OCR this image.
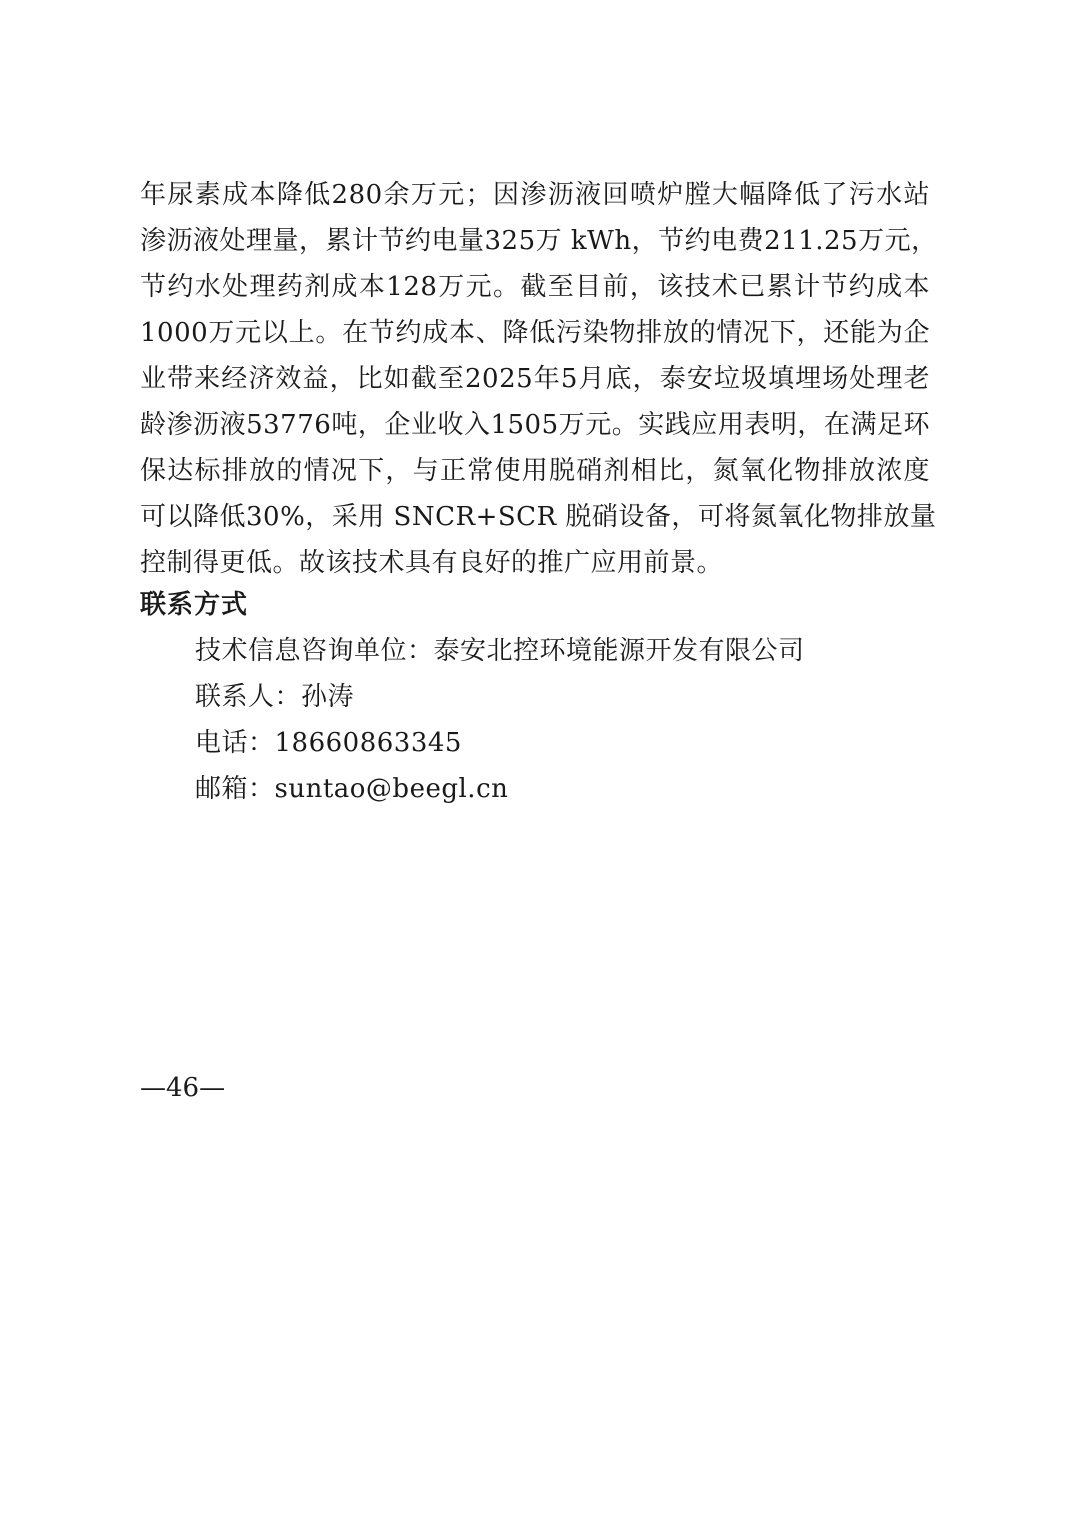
年尿素成本降低280余万元；因渗沥液回喷炉膛大幅降低了污水站
渗沥液处理量，累计节约电量325万 kWh，节约电费211.25万元，
节约水处理药剂成本128万元。截至目前，该技术已累计节约成本
1000万元以上。在节约成本、降低污染物排放的情况下，还能为企
业带来经济效益，比如截至2025年5月底，泰安垃圾填埋场处理老
龄渗沥液53776吨，企业收入1505万元。实践应用表明，在满足环
保达标排放的情况下，与正常使用脱硝剂相比，氮氧化物排放浓度
可以降低30%，采用 SNCR+SCR 脱硝设备，可将氮氧化物排放量
控制得更低。故该技术具有良好的推广应用前景。
联系方式
技术信息咨询单位：泰安北控环境能源开发有限公司
联系人：孙涛
电话：18660863345
邮箱：suntao@beegl.cn
—46—
